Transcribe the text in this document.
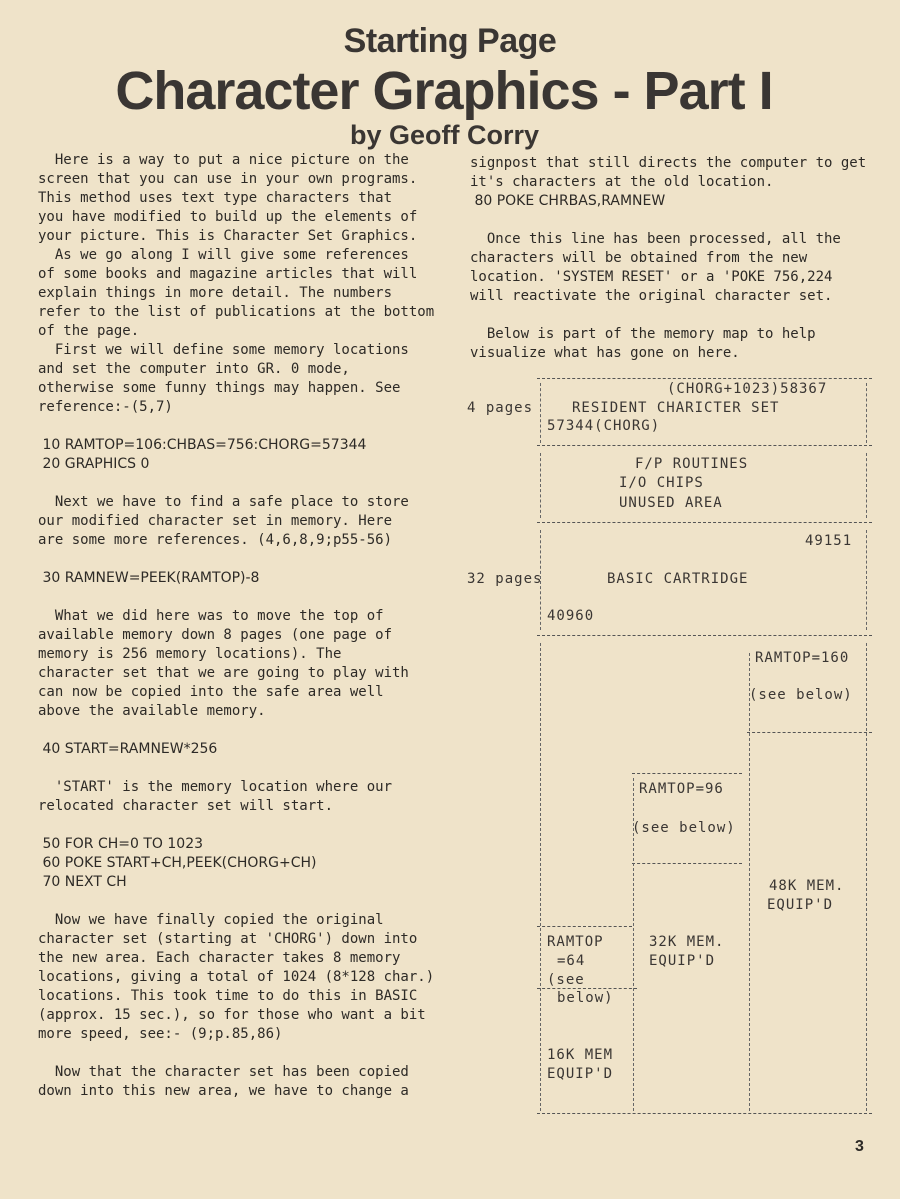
Starting Page
Character Graphics - Part I
by Geoff Corry

Here is a way to put a nice picture on the

screen that you can use in your own programs.

This method uses text type characters that

you have modified to build up the elements of

your picture. This is Character Set Graphics.

As we go along I will give some references

of some books and magazine articles that will

explain things in more detail. The numbers

refer to the list of publications at the bottom

of the page.

First we will define some memory locations

and set the computer into GR. 0 mode,

otherwise some funny things may happen. See

reference:-(5,7)

10 RAMTOP=106:CHBAS=756:CHORG=57344

20 GRAPHICS 0

Next we have to find a safe place to store

our modified character set in memory. Here

are some more references. (4,6,8,9;p55-56)

30 RAMNEW=PEEK(RAMTOP)-8

What we did here was to move the top of

available memory down 8 pages (one page of

memory is 256 memory locations). The

character set that we are going to play with

can now be copied into the safe area well

above the available memory.

40 START=RAMNEW*256

'START' is the memory location where our

relocated character set will start.

50 FOR CH=0 TO 1023

60 POKE START+CH,PEEK(CHORG+CH)

70 NEXT CH

Now we have finally copied the original

character set (starting at 'CHORG') down into

the new area. Each character takes 8 memory

locations, giving a total of 1024 (8*128 char.)

locations. This took time to do this in BASIC

(approx. 15 sec.), so for those who want a bit

more speed, see:- (9;p.85,86)

Now that the character set has been copied

down into this new area, we have to change a

signpost that still directs the computer to get

it's characters at the old location.

80 POKE CHRBAS,RAMNEW

Once this line has been processed, all the

characters will be obtained from the new

location. 'SYSTEM RESET' or a 'POKE 756,224

will reactivate the original character set.

Below is part of the memory map to help

visualize what has gone on here.

(CHORG+1023)58367
4 pages	RESIDENT CHARICTER SET
57344(CHORG)
F/P ROUTINES
I/O CHIPS
UNUSED AREA
49151
32 pages	BASIC CARTRIDGE
40960
RAMTOP=160
(see below)
RAMTOP=96
(see below)
48K MEM.
EQUIP'D
RAMTOP
=64
(see
below)
32K MEM.
EQUIP'D
16K MEM
EQUIP'D
3
